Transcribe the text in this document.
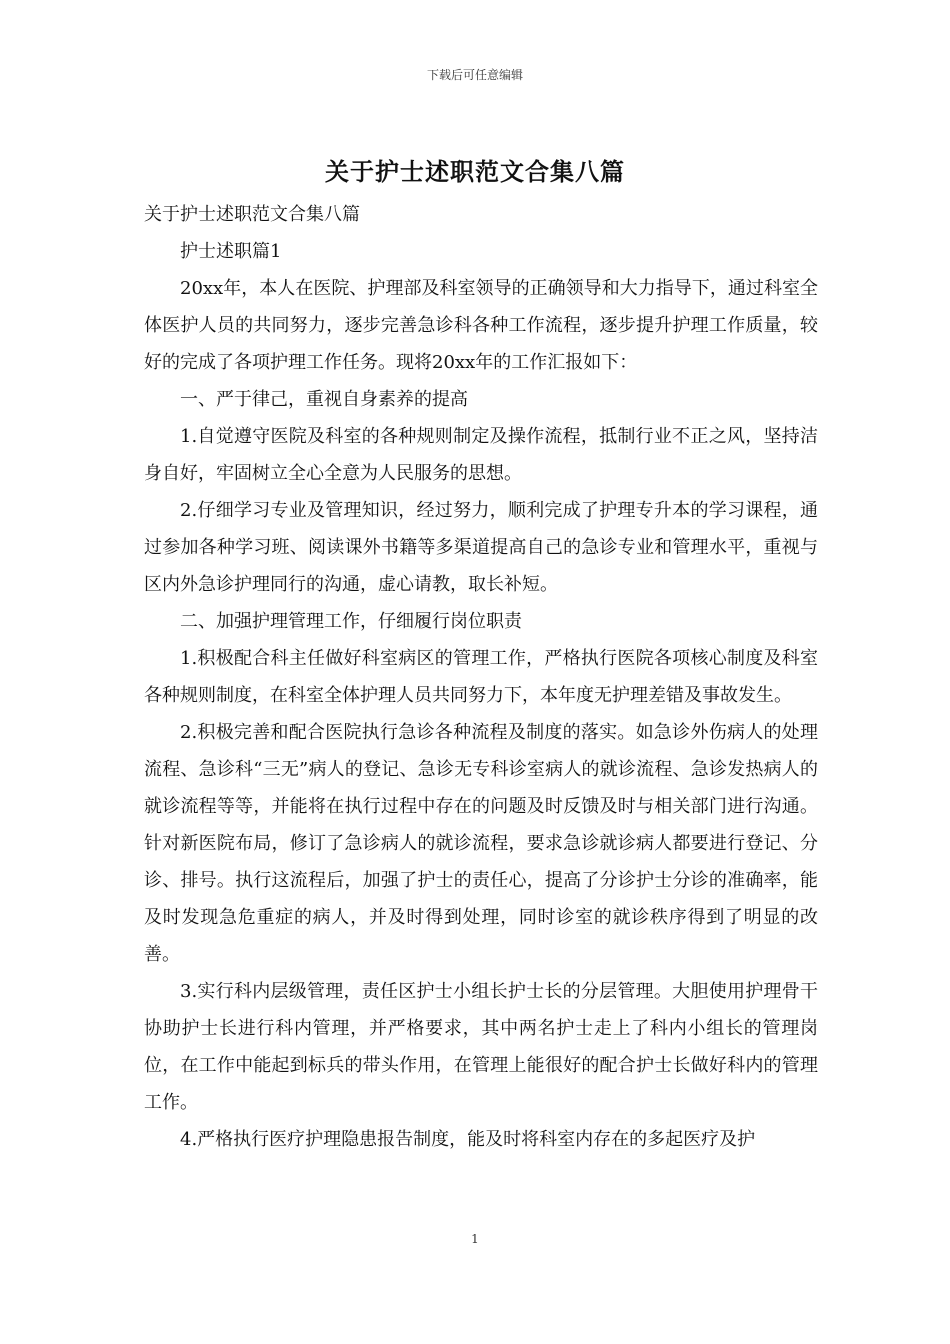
下载后可任意编辑
关于护士述职范文合集八篇

关于护士述职范文合集八篇

护士述职篇1

20xx年，本人在医院、护理部及科室领导的正确领导和大力指导下，通过科室全体医护人员的共同努力，逐步完善急诊科各种工作流程，逐步提升护理工作质量，较好的完成了各项护理工作任务。现将20xx年的工作汇报如下：

一、严于律己，重视自身素养的提高

1.自觉遵守医院及科室的各种规则制定及操作流程，抵制行业不正之风，坚持洁身自好，牢固树立全心全意为人民服务的思想。

2.仔细学习专业及管理知识，经过努力，顺利完成了护理专升本的学习课程，通过参加各种学习班、阅读课外书籍等多渠道提高自己的急诊专业和管理水平，重视与区内外急诊护理同行的沟通，虚心请教，取长补短。

二、加强护理管理工作，仔细履行岗位职责

1.积极配合科主任做好科室病区的管理工作，严格执行医院各项核心制度及科室各种规则制度，在科室全体护理人员共同努力下，本年度无护理差错及事故发生。

2.积极完善和配合医院执行急诊各种流程及制度的落实。如急诊外伤病人的处理流程、急诊科“三无”病人的登记、急诊无专科诊室病人的就诊流程、急诊发热病人的就诊流程等等，并能将在执行过程中存在的问题及时反馈及时与相关部门进行沟通。针对新医院布局，修订了急诊病人的就诊流程，要求急诊就诊病人都要进行登记、分诊、排号。执行这流程后，加强了护士的责任心，提高了分诊护士分诊的准确率，能及时发现急危重症的病人，并及时得到处理，同时诊室的就诊秩序得到了明显的改善。

3.实行科内层级管理，责任区护士小组长护士长的分层管理。大胆使用护理骨干协助护士长进行科内管理，并严格要求，其中两名护士走上了科内小组长的管理岗位，在工作中能起到标兵的带头作用，在管理上能很好的配合护士长做好科内的管理工作。

4.严格执行医疗护理隐患报告制度，能及时将科室内存在的多起医疗及护

1
